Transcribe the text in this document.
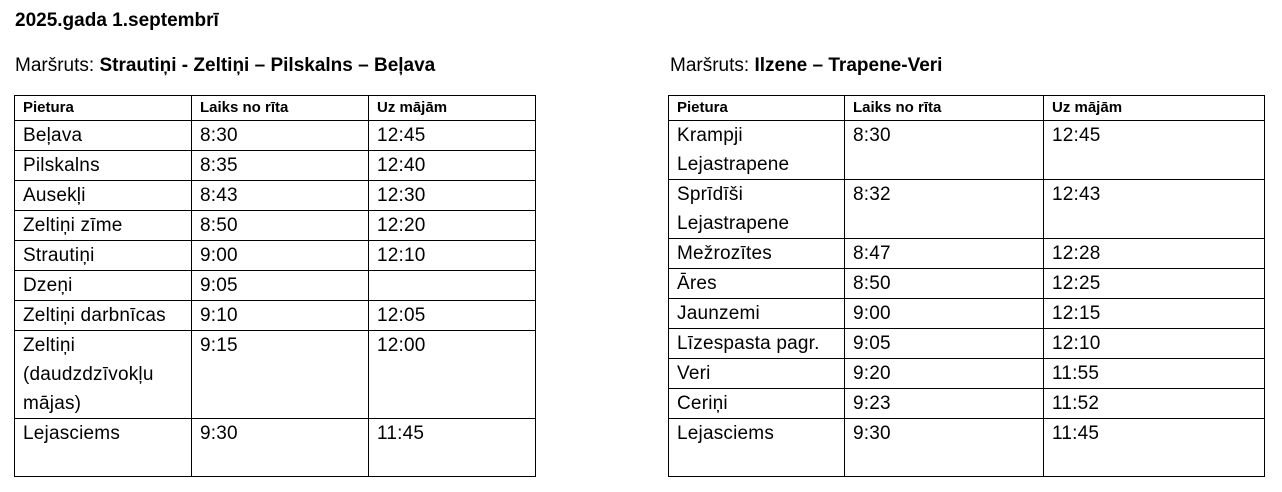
2025.gada 1.septembrī
Maršruts: Strautiņi - Zeltiņi – Pilskalns – Beļava	Maršruts: Ilzene – Trapene-Veri
Pietura	Laiks no rīta	Uz mājām
Beļava	8:30	12:45
Pilskalns	8:35	12:40
Ausekļi	8:43	12:30
Zeltiņi zīme	8:50	12:20
Strautiņi	9:00	12:10
Dzeņi	9:05	
Zeltiņi darbnīcas	9:10	12:05
Zeltiņi
(daudzdzīvokļu
mājas)	9:15	12:00
Lejasciems	9:30	11:45
Pietura	Laiks no rīta	Uz mājām
Krampji
Lejastrapene	8:30	12:45
Sprīdīši
Lejastrapene	8:32	12:43
Mežrozītes	8:47	12:28
Āres	8:50	12:25
Jaunzemi	9:00	12:15
Līzespasta pagr.	9:05	12:10
Veri	9:20	11:55
Ceriņi	9:23	11:52
Lejasciems	9:30	11:45
